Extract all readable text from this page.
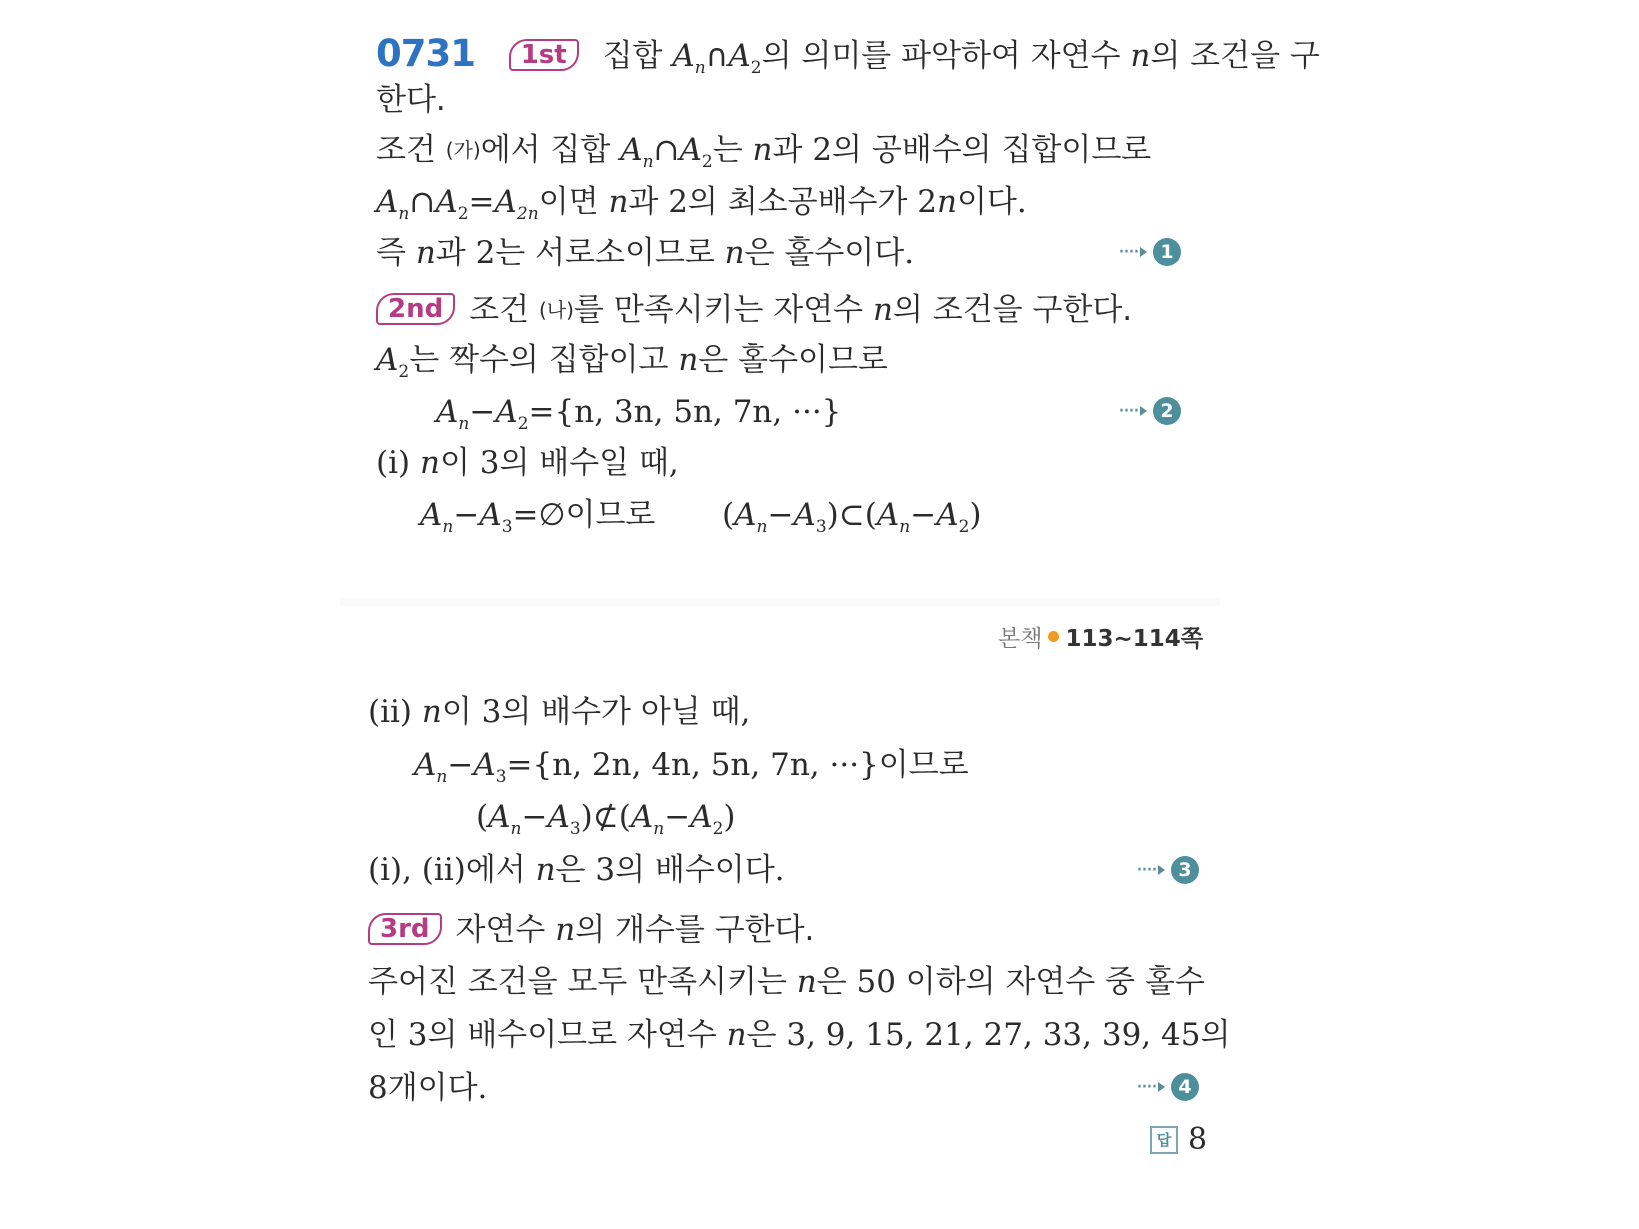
0731 1st 집합 $A_n\cap A_2$의 의미를 파악하여 자연수 n의 조건을 구
한다.
조건 (가)에서 집합 $A_n\cap A_2$는 n과 2의 공배수의 집합이므로
$A_n\cap A_2=A_{2n}$이면 n과 2의 최소공배수가 2n이다.
즉 n과 2는 서로소이므로 n은 홀수이다.	····	1
2nd 조건 (나)를 만족시키는 자연수 n의 조건을 구한다.
$A_2$는 짝수의 집합이고 n은 홀수이므로
$A_n-A_2=\{n$, 3n, 5n, 7n, ···}	····	2
(ⅰ) n이 3의 배수일 때,
$A_n-A_3=\emptyset$이므로 $(A_n-A_3)\subset(A_n-A_2)$
본책 113~114쪽
(ⅱ) n이 3의 배수가 아닐 때,
$A_n-A_3=\{n$, 2n, 4n, 5n, 7n, ···}이므로
$(A_n-A_3)⊄(A_n-A_2)$
(ⅰ), (ⅱ)에서 n은 3의 배수이다.	····	3
3rd 자연수 n의 개수를 구한다.
주어진 조건을 모두 만족시키는 n은 50 이하의 자연수 중 홀수
인 3의 배수이므로 자연수 n은 3, 9, 15, 21, 27, 33, 39, 45의
8개이다.	····	4
답 8
